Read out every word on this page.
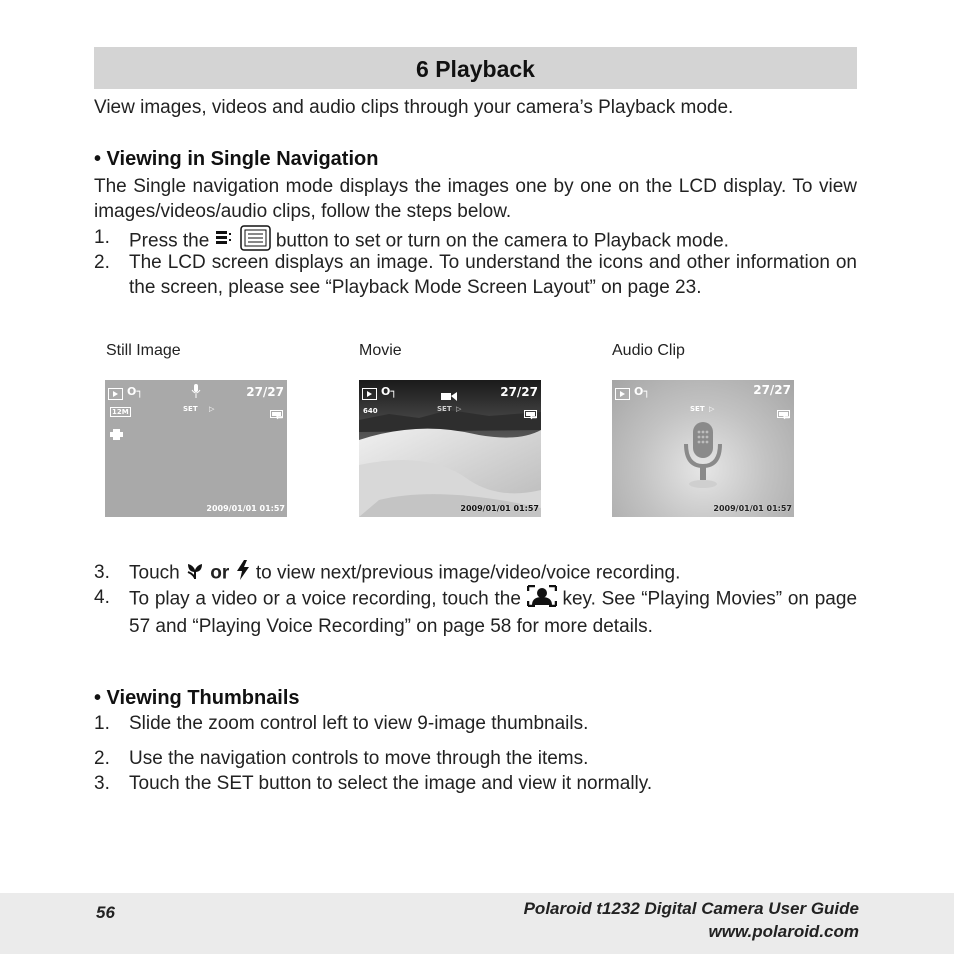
6 Playback
View images, videos and audio clips through your camera’s Playback mode.
• Viewing in Single Navigation
The Single navigation mode displays the images one by one on the LCD display. To view images/videos/audio clips, follow the steps below.
1. Press the	button to set or turn on the camera to Playback mode.
2. The LCD screen displays an image. To understand the icons and other information on the screen, please see “Playback Mode Screen Layout” on page 23.
Still Image	Movie	Audio Clip
O┐	27/27
12M	SET ▷
⇐
2009/01/01 01:57
O┐	27/27
640	SET ▷
⇐
2009/01/01 01:57
O┐	27/27
SET ▷
⇐
2009/01/01 01:57
3. Touch or to view next/previous image/video/voice recording.
4. To play a video or a voice recording, touch the key. See “Playing Movies” on page 57 and “Playing Voice Recording” on page 58 for more details.
• Viewing Thumbnails
1. Slide the zoom control left to view 9-image thumbnails.
2. Use the navigation controls to move through the items.
3. Touch the SET button to select the image and view it normally.
56	Polaroid t1232 Digital Camera User Guide
www.polaroid.com
